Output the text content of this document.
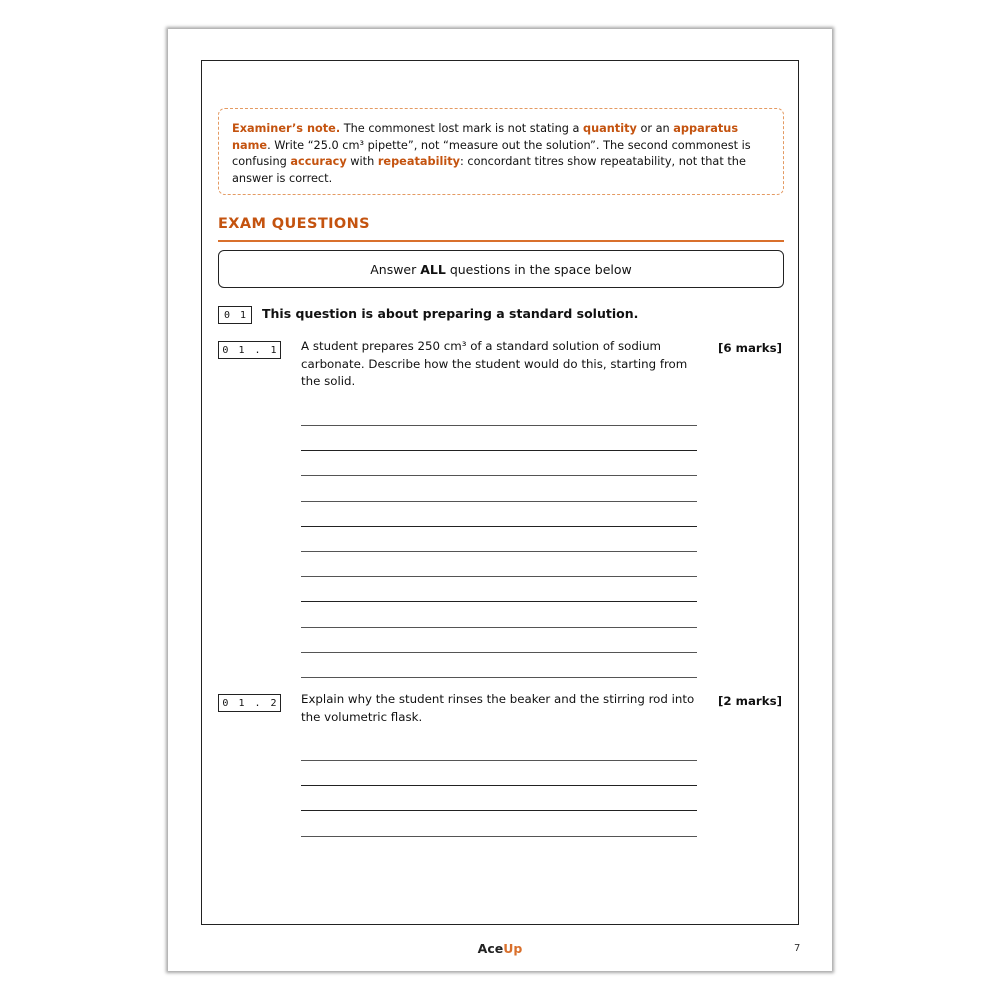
Examiner’s note. The commonest lost mark is not stating a quantity or an apparatus name. Write “25.0 cm³ pipette”, not “measure out the solution”. The second commonest is confusing accuracy with repeatability: concordant titres show repeatability, not that the answer is correct.
EXAM QUESTIONS
Answer ALL questions in the space below
0 1	This question is about preparing a standard solution.
0 1 . 1 A student prepares 250 cm³ of a standard solution of sodium carbonate. Describe how the student would do this, starting from the solid.
[6 marks]
0 1 . 2 Explain why the student rinses the beaker and the stirring rod into the volumetric flask.
[2 marks]
AceUp	7
